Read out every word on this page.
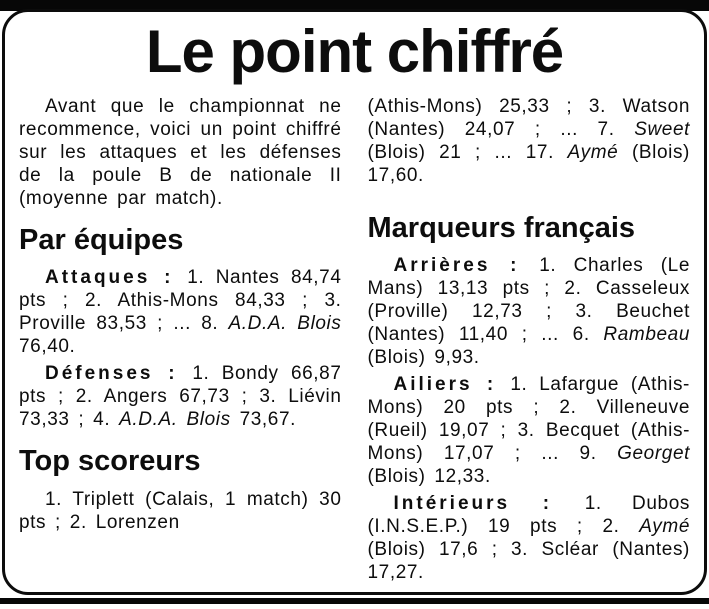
Le point chiffré

Avant que le championnat ne recommence, voici un point chiffré sur les attaques et les défenses de la poule B de nationale II (moyenne par match).

Par équipes

Attaques : 1. Nantes 84,74 pts ; 2. Athis-Mons 84,33 ; 3. Proville 83,53 ; ... 8. A.D.A. Blois 76,40.

Défenses : 1. Bondy 66,87 pts ; 2. Angers 67,73 ; 3. Liévin 73,33 ; 4. A.D.A. Blois 73,67.

Top scoreurs

1. Triplett (Calais, 1 match) 30 pts ; 2. Lorenzen

(Athis-Mons) 25,33 ; 3. Watson (Nantes) 24,07 ; ... 7. Sweet (Blois) 21 ; ... 17. Aymé (Blois) 17,60.

Marqueurs français

Arrières : 1. Charles (Le Mans) 13,13 pts ; 2. Casseleux (Proville) 12,73 ; 3. Beuchet (Nantes) 11,40 ; ... 6. Rambeau (Blois) 9,93.

Ailiers : 1. Lafargue (Athis-Mons) 20 pts ; 2. Villeneuve (Rueil) 19,07 ; 3. Becquet (Athis-Mons) 17,07 ; ... 9. Georget (Blois) 12,33.

Intérieurs : 1. Dubos (I.N.S.E.P.) 19 pts ; 2. Aymé (Blois) 17,6 ; 3. Scléar (Nantes) 17,27.
